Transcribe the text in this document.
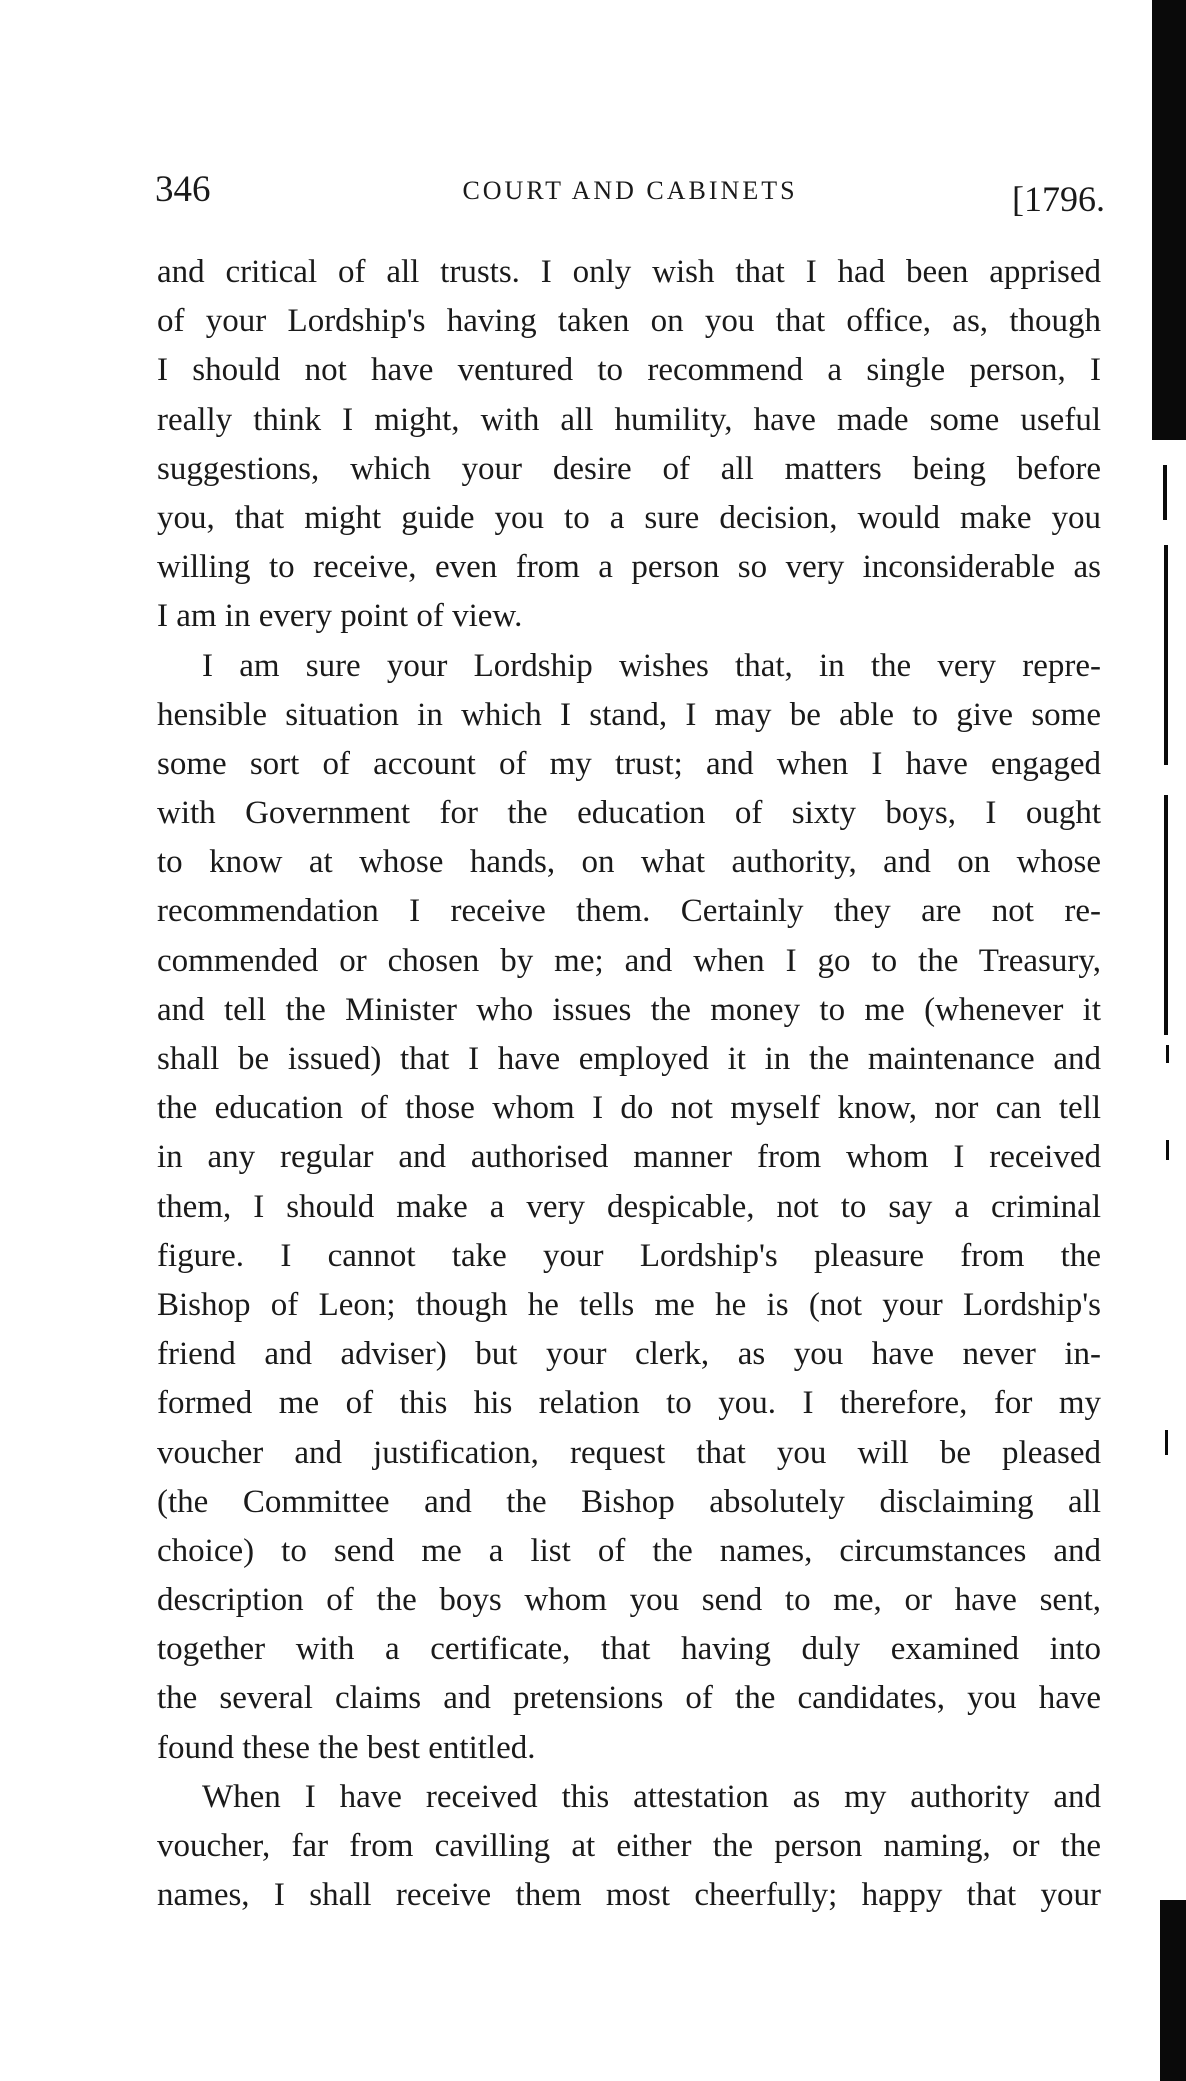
346	COURT AND CABINETS	[1796.
and critical of all trusts. I only wish that I had been apprised
of your Lordship's having taken on you that office, as, though
I should not have ventured to recommend a single person, I
really think I might, with all humility, have made some useful
suggestions, which your desire of all matters being before
you, that might guide you to a sure decision, would make you
willing to receive, even from a person so very inconsiderable as
I am in every point of view.
I am sure your Lordship wishes that, in the very repre-
hensible situation in which I stand, I may be able to give some
some sort of account of my trust; and when I have engaged
with Government for the education of sixty boys, I ought
to know at whose hands, on what authority, and on whose
recommendation I receive them. Certainly they are not re-
commended or chosen by me; and when I go to the Treasury,
and tell the Minister who issues the money to me (whenever it
shall be issued) that I have employed it in the maintenance and
the education of those whom I do not myself know, nor can tell
in any regular and authorised manner from whom I received
them, I should make a very despicable, not to say a criminal
figure. I cannot take your Lordship's pleasure from the
Bishop of Leon; though he tells me he is (not your Lordship's
friend and adviser) but your clerk, as you have never in-
formed me of this his relation to you. I therefore, for my
voucher and justification, request that you will be pleased
(the Committee and the Bishop absolutely disclaiming all
choice) to send me a list of the names, circumstances and
description of the boys whom you send to me, or have sent,
together with a certificate, that having duly examined into
the several claims and pretensions of the candidates, you have
found these the best entitled.
When I have received this attestation as my authority and
voucher, far from cavilling at either the person naming, or the
names, I shall receive them most cheerfully; happy that your
